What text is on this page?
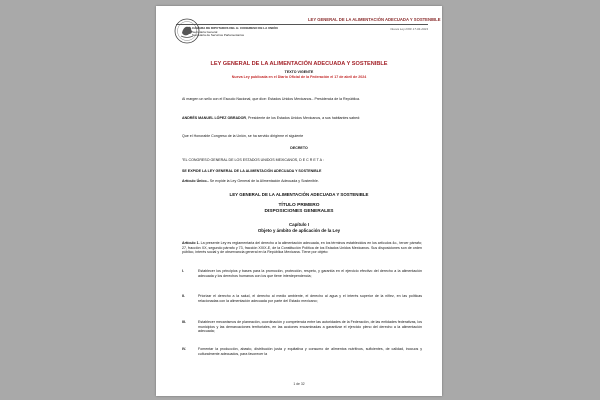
LEY GENERAL DE LA ALIMENTACIÓN ADECUADA Y SOSTENIBLE
CÁMARA DE DIPUTADOS DEL H. CONGRESO DE LA UNIÓN
Secretaría General
Secretaría de Servicios Parlamentarios
Nueva Ley DOF 17-04-2024
LEY GENERAL DE LA ALIMENTACIÓN ADECUADA Y SOSTENIBLE
TEXTO VIGENTE
Nueva Ley publicada en el Diario Oficial de la Federación el 17 de abril de 2024
Al margen un sello con el Escudo Nacional, que dice: Estados Unidos Mexicanos.- Presidencia de la República.
ANDRÉS MANUEL LÓPEZ OBRADOR, Presidente de los Estados Unidos Mexicanos, a sus habitantes sabed:
Que el Honorable Congreso de la Unión, se ha servido dirigirme el siguiente
DECRETO
"EL CONGRESO GENERAL DE LOS ESTADOS UNIDOS MEXICANOS, D E C R E T A :
SE EXPIDE LA LEY GENERAL DE LA ALIMENTACIÓN ADECUADA Y SOSTENIBLE
Artículo Único.- Se expide la Ley General de la Alimentación Adecuada y Sostenible.
LEY GENERAL DE LA ALIMENTACIÓN ADECUADA Y SOSTENIBLE
TÍTULO PRIMERO
DISPOSICIONES GENERALES
Capítulo I
Objeto y ámbito de aplicación de la Ley
Artículo 1. La presente Ley es reglamentaria del derecho a la alimentación adecuada, en los términos establecidos en los artículos 4o., tercer párrafo; 27, fracción XX, segundo párrafo y 73, fracción XXIX-E, de la Constitución Política de los Estados Unidos Mexicanos. Sus disposiciones son de orden público, interés social y de observancia general en la República Mexicana. Tiene por objeto:
I.	Establecer los principios y bases para la promoción, protección, respeto, y garantía en el ejercicio efectivo del derecho a la alimentación adecuada y los derechos humanos con los que tiene interdependencia;
II.	Priorizar el derecho a la salud, el derecho al medio ambiente, el derecho al agua y el interés superior de la niñez, en las políticas relacionadas con la alimentación adecuada por parte del Estado mexicano;
III.	Establecer mecanismos de planeación, coordinación y competencia entre las autoridades de la Federación, de las entidades federativas, los municipios y las demarcaciones territoriales, en las acciones encaminadas a garantizar el ejercicio pleno del derecho a la alimentación adecuada;
IV.	Fomentar la producción, abasto, distribución justa y equitativa y consumo de alimentos nutritivos, suficientes, de calidad, inocuos y culturalmente adecuados, para favorecer la
1 de 32
